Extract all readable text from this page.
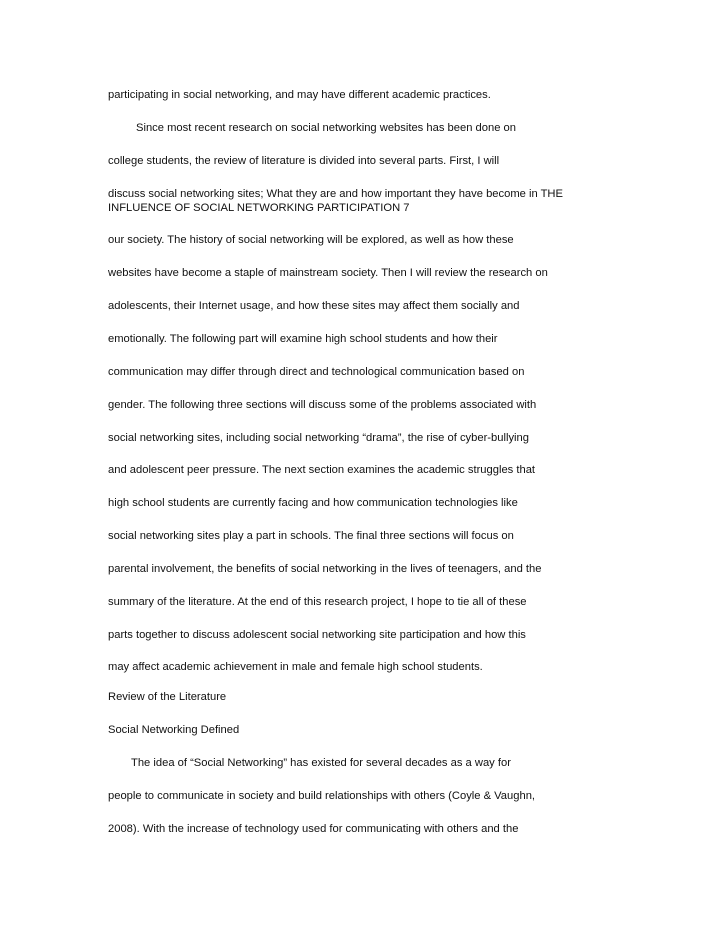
participating in social networking, and may have different academic practices.
Since most recent research on social networking websites has been done on
college students, the review of literature is divided into several parts. First, I will
discuss social networking sites; What they are and how important they have become in THE
INFLUENCE OF SOCIAL NETWORKING PARTICIPATION 7
our society. The history of social networking will be explored, as well as how these
websites have become a staple of mainstream society. Then I will review the research on
adolescents, their Internet usage, and how these sites may affect them socially and
emotionally. The following part will examine high school students and how their
communication may differ through direct and technological communication based on
gender. The following three sections will discuss some of the problems associated with
social networking sites, including social networking “drama”, the rise of cyber-bullying
and adolescent peer pressure. The next section examines the academic struggles that
high school students are currently facing and how communication technologies like
social networking sites play a part in schools. The final three sections will focus on
parental involvement, the benefits of social networking in the lives of teenagers, and the
summary of the literature. At the end of this research project, I hope to tie all of these
parts together to discuss adolescent social networking site participation and how this
may affect academic achievement in male and female high school students.
Review of the Literature
Social Networking Defined
The idea of “Social Networking” has existed for several decades as a way for
people to communicate in society and build relationships with others (Coyle & Vaughn,
2008). With the increase of technology used for communicating with others and the
